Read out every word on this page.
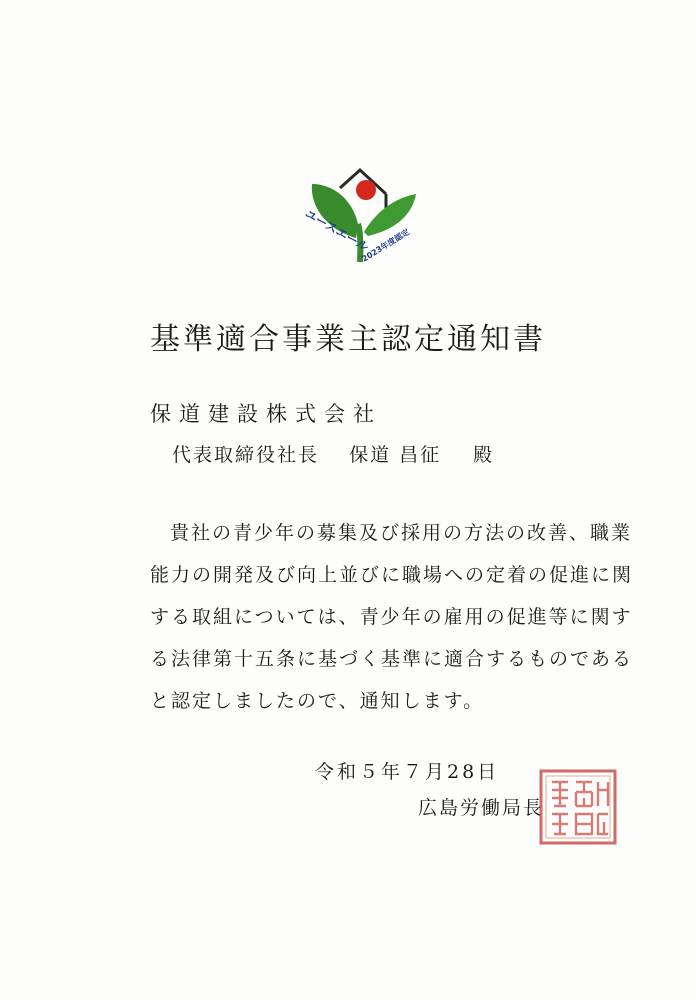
ユースエール
2023年度認定
基準適合事業主認定通知書
保道建設株式会社
代表取締役社長 保道 昌征 殿
貴社の青少年の募集及び採用の方法の改善、職業
能力の開発及び向上並びに職場への定着の促進に関
する取組については、青少年の雇用の促進等に関す
る法律第十五条に基づく基準に適合するものである
と認定しましたので、通知します。
令和５年７月28日
広島労働局長
